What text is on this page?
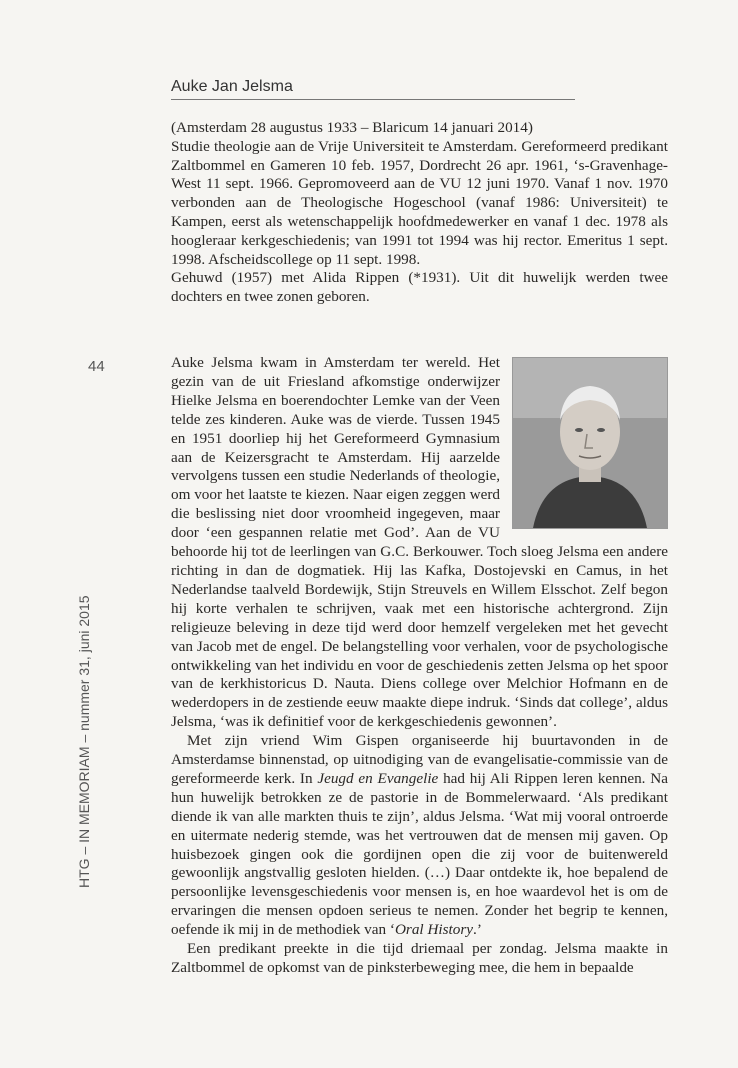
Auke Jan Jelsma
44
HTG – IN MEMORIAM – nummer 31, juni 2015

(Amsterdam 28 augustus 1933 – Blaricum 14 januari 2014)

Studie theologie aan de Vrije Universiteit te Amsterdam. Gereformeerd predikant Zaltbommel en Gameren 10 feb. 1957, Dordrecht 26 apr. 1961, ‘s-Gravenhage-West 11 sept. 1966. Gepromoveerd aan de VU 12 juni 1970. Vanaf 1 nov. 1970 verbonden aan de Theologische Hogeschool (vanaf 1986: Universiteit) te Kampen, eerst als wetenschappelijk hoofdmedewerker en vanaf 1 dec. 1978 als hoogleraar kerkgeschiedenis; van 1991 tot 1994 was hij rector. Emeritus 1 sept. 1998. Afscheidscollege op 11 sept. 1998.

Gehuwd (1957) met Alida Rippen (*1931). Uit dit huwelijk werden twee dochters en twee zonen geboren.

Auke Jelsma kwam in Amsterdam ter wereld. Het gezin van de uit Friesland afkomstige onderwijzer Hielke Jelsma en boerendochter Lemke van der Veen telde zes kinderen. Auke was de vierde. Tussen 1945 en 1951 doorliep hij het Gereformeerd Gymnasium aan de Keizersgracht te Amsterdam. Hij aarzelde vervolgens tussen een studie Nederlands of theologie, om voor het laatste te kiezen. Naar eigen zeggen werd die beslissing niet door vroomheid ingegeven, maar door ‘een gespannen relatie met God’. Aan de VU behoorde hij tot de leerlingen van G.C. Berkouwer. Toch sloeg Jelsma een andere richting in dan de dogmatiek. Hij las Kafka, Dostojevski en Camus, in het Nederlandse taalveld Bordewijk, Stijn Streuvels en Willem Elsschot. Zelf begon hij korte verhalen te schrijven, vaak met een historische achtergrond. Zijn religieuze beleving in deze tijd werd door hemzelf vergeleken met het gevecht van Jacob met de engel. De belangstelling voor verhalen, voor de psychologische ontwikkeling van het individu en voor de geschiedenis zetten Jelsma op het spoor van de kerkhistoricus D. Nauta. Diens college over Melchior Hofmann en de wederdopers in de zestiende eeuw maakte diepe indruk. ‘Sinds dat college’, aldus Jelsma, ‘was ik definitief voor de kerkgeschiedenis gewonnen’.

Met zijn vriend Wim Gispen organiseerde hij buurtavonden in de Amsterdamse binnenstad, op uitnodiging van de evangelisatie-commissie van de gereformeerde kerk. In Jeugd en Evangelie had hij Ali Rippen leren kennen. Na hun huwelijk betrokken ze de pastorie in de Bommelerwaard. ‘Als predikant diende ik van alle markten thuis te zijn’, aldus Jelsma. ‘Wat mij vooral ontroerde en uitermate nederig stemde, was het vertrouwen dat de mensen mij gaven. Op huisbezoek gingen ook die gordijnen open die zij voor de buitenwereld gewoonlijk angstvallig gesloten hielden. (…) Daar ontdekte ik, hoe bepalend de persoonlijke levensgeschiedenis voor mensen is, en hoe waardevol het is om de ervaringen die mensen opdoen serieus te nemen. Zonder het begrip te kennen, oefende ik mij in de methodiek van ‘Oral History.’

Een predikant preekte in die tijd driemaal per zondag. Jelsma maakte in Zaltbommel de opkomst van de pinksterbeweging mee, die hem in bepaalde
